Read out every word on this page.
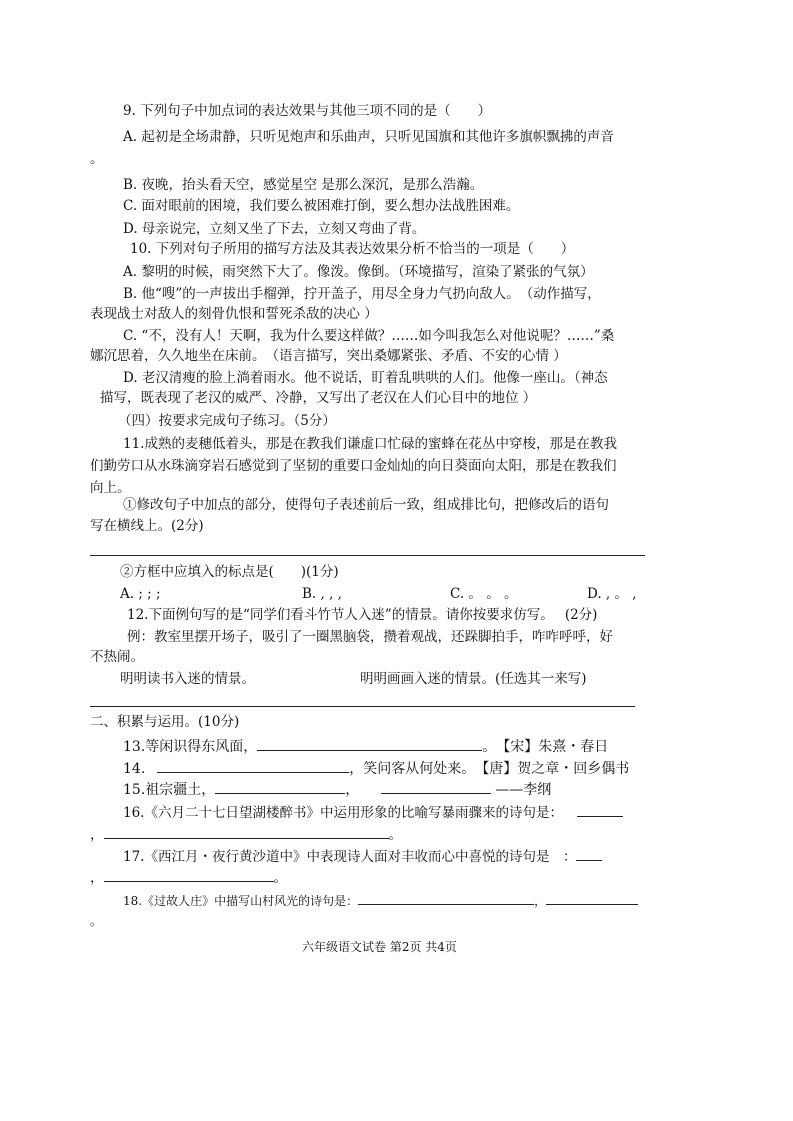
9. 下列句子中加点词的表达效果与其他三项不同的是（　　）
A. 起初是全场肃静，只听见炮声和乐曲声，只听见国旗和其他许多旗帜飘拂的声音
。
B. 夜晚，抬头看天空，感觉星空 是那么深沉，是那么浩瀚。
C. 面对眼前的困境，我们要么被困难打倒，要么想办法战胜困难。
D. 母亲说完，立刻又坐了下去，立刻又弯曲了背。
10. 下列对句子所用的描写方法及其表达效果分析不恰当的一项是（　　）
A. 黎明的时候，雨突然下大了。像泼。像倒。（环境描写，渲染了紧张的气氛）
B. 他“嗖”的一声拔出手榴弹，拧开盖子，用尽全身力气扔向敌人。　（动作描写，
表现战士对敌人的刻骨仇恨和誓死杀敌的决心 ）
C. “不，没有人！天啊，我为什么要这样做？……如今叫我怎么对他说呢？……”桑
娜沉思着，久久地坐在床前。　（语言描写，突出桑娜紧张、矛盾、不安的心情 ）
D. 老汉清瘦的脸上淌着雨水。他不说话，盯着乱哄哄的人们。他像一座山。（神态
描写，既表现了老汉的威严、冷静，又写出了老汉在人们心目中的地位 ）
（四）按要求完成句子练习。（5分）
11.成熟的麦穗低着头，那是在教我们谦虚口忙碌的蜜蜂在花丛中穿梭，那是在教我
们勤劳口从水珠滴穿岩石感觉到了坚韧的重要口金灿灿的向日葵面向太阳，那是在教我们
向上。
①修改句子中加点的部分，使得句子表述前后一致，组成排比句，把修改后的语句
写在横线上。(2分)
②方框中应填入的标点是(　　)(1分)
A. ; ; ;	B. , , ,	C. 。 。 。	D. , 。 ,
12.下面例句写的是“同学们看斗竹节人入迷”的情景。请你按要求仿写。　 (2分)
例：教室里摆开场子，吸引了一圈黑脑袋，攒着观战，还跺脚拍手，咋咋呼呼，好
不热闹。
明明读书入迷的情景。	明明画画入迷的情景。(任选其一来写)
二、积累与运用。(10分)
13.等闲识得东风面，	。　【宋】朱熹・春日
14.	，笑问客从何处来。　【唐】贺之章・回乡偶书
15.祖宗疆土，	，	——李纲
16.《六月二十七日望湖楼醉书》中运用形象的比喻写暴雨骤来的诗句是：
，	。
17.《西江月・夜行黄沙道中》中表现诗人面对丰收而心中喜悦的诗句是　：
，	。
18.《过故人庄》中描写山村风光的诗句是：	，
。
六年级语文试卷 第2页 共4页
